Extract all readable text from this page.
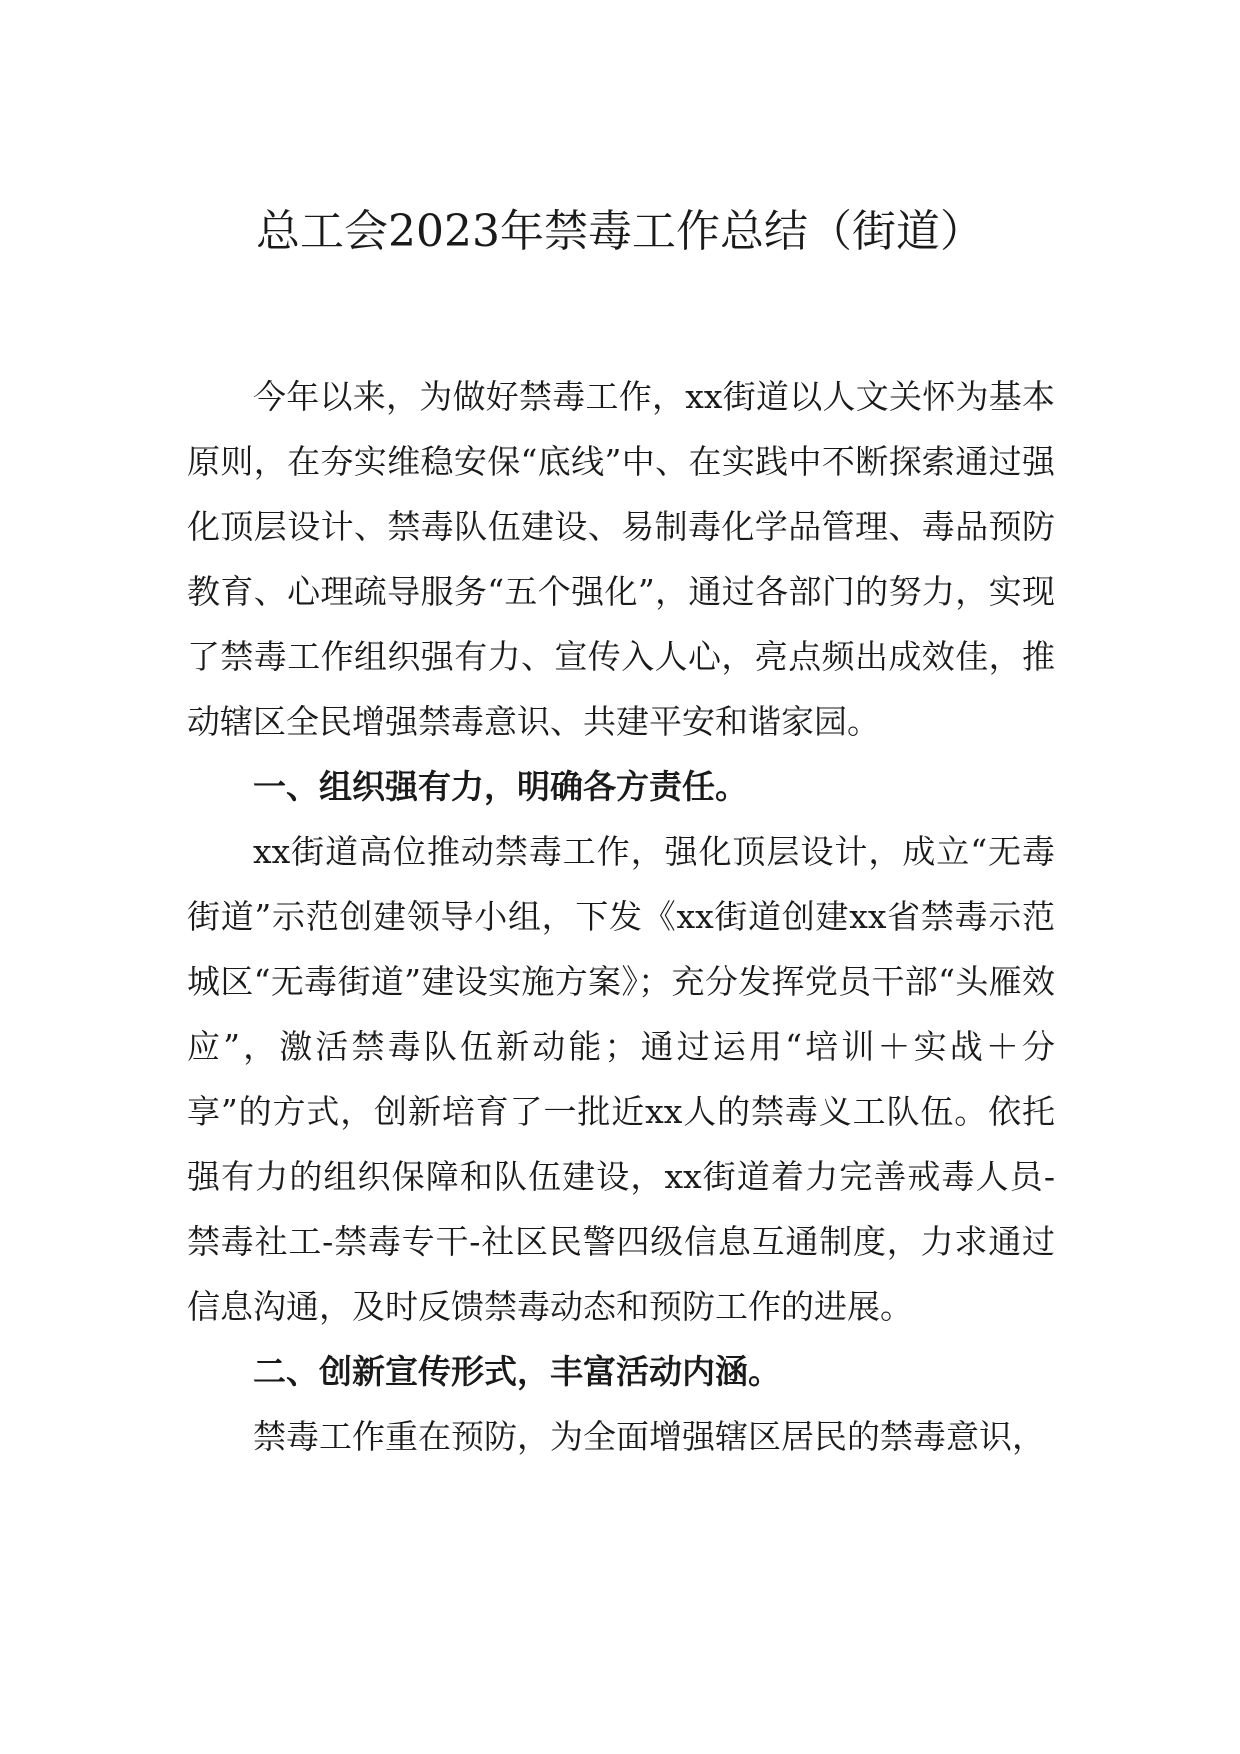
总工会2023年禁毒工作总结（街道）

今年以来，为做好禁毒工作，xx街道以人文关怀为基本原则，在夯实维稳安保“底线”中、在实践中不断探索通过强化顶层设计、禁毒队伍建设、易制毒化学品管理、毒品预防教育、心理疏导服务“五个强化”，通过各部门的努力，实现了禁毒工作组织强有力、宣传入人心，亮点频出成效佳，推动辖区全民增强禁毒意识、共建平安和谐家园。

一、组织强有力，明确各方责任。

xx街道高位推动禁毒工作，强化顶层设计，成立“无毒街道”示范创建领导小组，下发《xx街道创建xx省禁毒示范城区“无毒街道”建设实施方案》；充分发挥党员干部“头雁效应”，激活禁毒队伍新动能；通过运用“培训＋实战＋分享”的方式，创新培育了一批近xx人的禁毒义工队伍。依托强有力的组织保障和队伍建设，xx街道着力完善戒毒人员-禁毒社工-禁毒专干-社区民警四级信息互通制度，力求通过信息沟通，及时反馈禁毒动态和预防工作的进展。

二、创新宣传形式，丰富活动内涵。

禁毒工作重在预防，为全面增强辖区居民的禁毒意识，
